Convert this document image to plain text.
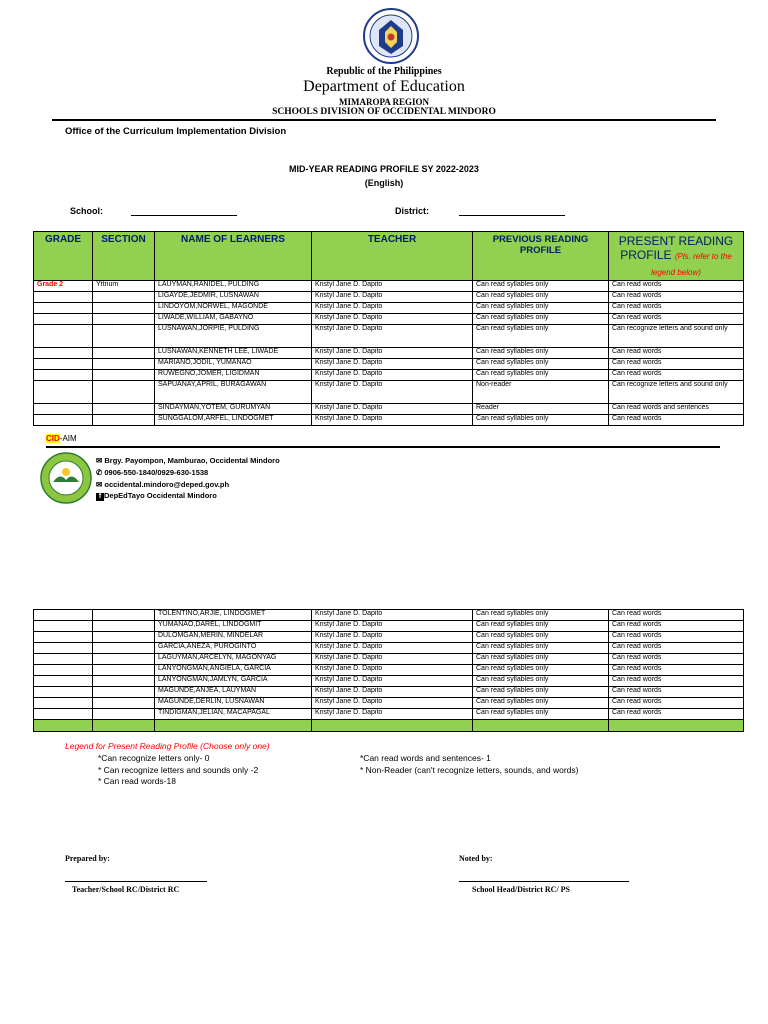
Republic of the Philippines
Department of Education
MIMAROPA REGION
SCHOOLS DIVISION OF OCCIDENTAL MINDORO
Office of the Curriculum Implementation Division
MID-YEAR READING PROFILE SY 2022-2023
(English)
School:	District:
GRADE	SECTION	NAME OF LEARNERS	TEACHER	PREVIOUS READING PROFILE	PRESENT READING PROFILE (Pls. refer to the legend below)
Grade 2	Yttrium	LAUYMAN,RANIDEL, PULDING	Kristyl Jane D. Dapito	Can read syllables only	Can read words
		LIGAYDE,JEDMIR, LUSNAWAN	Kristyl Jane D. Dapito	Can read syllables only	Can read words
		LINDOYOM,NORWEL, MAGONDE	Kristyl Jane D. Dapito	Can read syllables only	Can read words
		LIWADE,WILLIAM, GABAYNO	Kristyl Jane D. Dapito	Can read syllables only	Can read words
		LUSNAWAN,JORPIE, PULDING	Kristyl Jane D. Dapito	Can read syllables only	Can recognize letters and sound only
		LUSNAWAN,KENNETH LEE, LIWADE	Kristyl Jane D. Dapito	Can read syllables only	Can read words
		MARIANO,JODIL, YUMANAO	Kristyl Jane D. Dapito	Can read syllables only	Can read words
		RUWEGNO,JOMER, LIGIDMAN	Kristyl Jane D. Dapito	Can read syllables only	Can read words
		SAPUANAY,APRIL, BURAGAWAN	Kristyl Jane D. Dapito	Non-reader	Can recognize letters and sound only
		SINDAYMAN,YOTEM, GURUMYAN	Kristyl Jane D. Dapito	Reader	Can read words and sentences
		SUNGGALOM,ARFEL, LINDOGMET	Kristyl Jane D. Dapito	Can read syllables only	Can read words
CID-AIM
✉ Brgy. Payompon, Mamburao, Occidental Mindoro
✆ 0906-550-1840/0929-630-1538
✉ occidental.mindoro@deped.gov.ph
f DepEdTayo Occidental Mindoro
		TOLENTINO,ARJIE, LINDOGMET	Kristyl Jane D. Dapito	Can read syllables only	Can read words
		YUMANAO,DAREL, LINDOGMIT	Kristyl Jane D. Dapito	Can read syllables only	Can read words
		DULOMGAN,MERIN, MINDELAR	Kristyl Jane D. Dapito	Can read syllables only	Can read words
		GARCIA,ANEZA, PUROGINTO	Kristyl Jane D. Dapito	Can read syllables only	Can read words
		LAGUYMAN,ARCELYN, MAGONYAG	Kristyl Jane D. Dapito	Can read syllables only	Can read words
		LANYONGMAN,ANGIELA, GARCIA	Kristyl Jane D. Dapito	Can read syllables only	Can read words
		LANYONGMAN,JAMLYN, GARCIA	Kristyl Jane D. Dapito	Can read syllables only	Can read words
		MAGUNDE,ANJEA, LAUYMAN	Kristyl Jane D. Dapito	Can read syllables only	Can read words
		MAGUNDE,DERLIN, LUSNAWAN	Kristyl Jane D. Dapito	Can read syllables only	Can read words
		TINDIGMAN,JELIAN, MACAPAGAL	Kristyl Jane D. Dapito	Can read syllables only	Can read words

Legend for Present Reading Profile (Choose only one)
*Can recognize letters only- 0
* Can recognize letters and sounds only -2
* Can read words-18
*Can read words and sentences- 1
* Non-Reader (can't recognize letters, sounds, and words)
Prepared by:
Teacher/School RC/District RC
Noted by:
School Head/District RC/ PS
